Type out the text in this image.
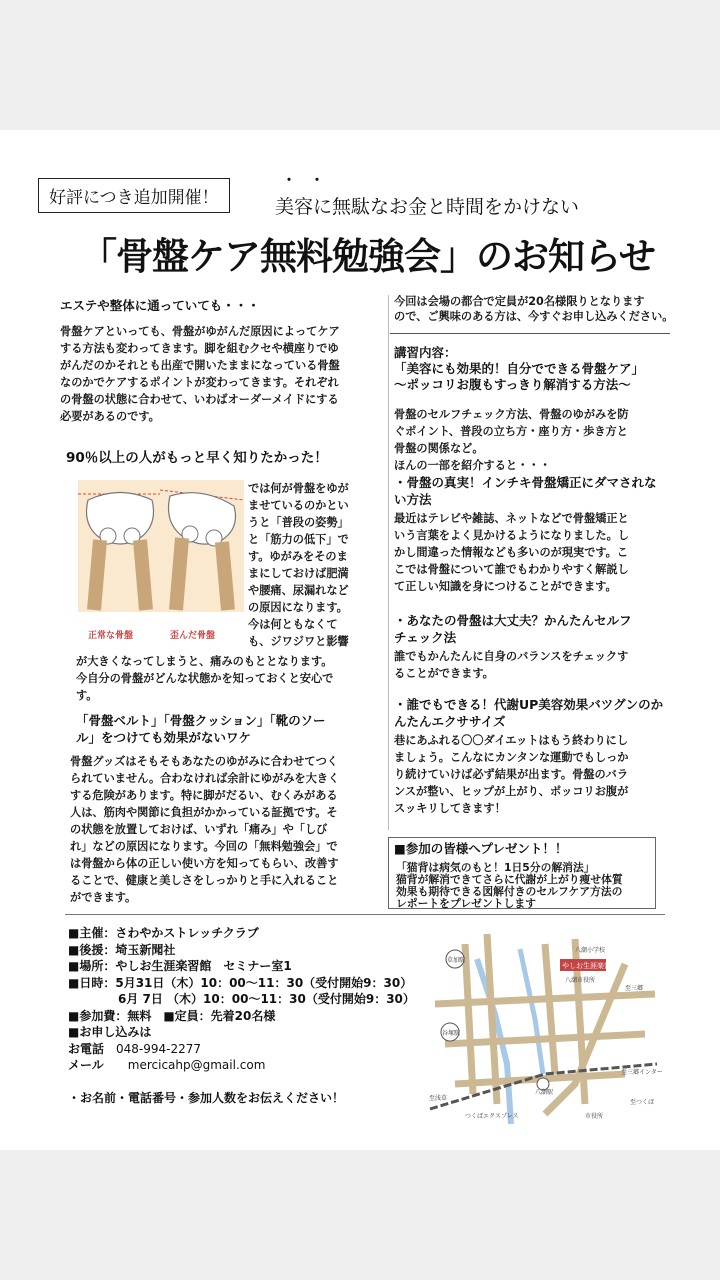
好評につき追加開催！
・・
美容に無駄なお金と時間をかけない
「骨盤ケア無料勉強会」のお知らせ
エステや整体に通っていても・・・
骨盤ケアといっても、骨盤がゆがんだ原因によってケア
する方法も変わってきます。脚を組むクセや横座りでゆ
がんだのかそれとも出産で開いたままになっている骨盤
なのかでケアするポイントが変わってきます。それぞれ
の骨盤の状態に合わせて、いわばオーダーメイドにする
必要があるのです。
90％以上の人がもっと早く知りたかった！
正常な骨盤	歪んだ骨盤
では何が骨盤をゆが
ませているのかとい
うと「普段の姿勢」
と「筋力の低下」で
す。ゆがみをそのま
まにしておけば肥満
や腰痛、尿漏れなど
の原因になります。
今は何ともなくて
も、ジワジワと影響
が大きくなってしまうと、痛みのもととなります。
今自分の骨盤がどんな状態かを知っておくと安心で
す。
「骨盤ベルト」「骨盤クッション」「靴のソー
ル」をつけても効果がないワケ
骨盤グッズはそもそもあなたのゆがみに合わせてつく
られていません。合わなければ余計にゆがみを大きく
する危険があります。特に脚がだるい、むくみがある
人は、筋肉や関節に負担がかかっている証拠です。そ
の状態を放置しておけば、いずれ「痛み」や「しび
れ」などの原因になります。今回の「無料勉強会」で
は骨盤から体の正しい使い方を知ってもらい、改善す
ることで、健康と美しさをしっかりと手に入れること
ができます。
今回は会場の都合で定員が20名様限りとなります
ので、ご興味のある方は、今すぐお申し込みください。
講習内容：
「美容にも効果的！自分でできる骨盤ケア」
〜ポッコリお腹もすっきり解消する方法〜
骨盤のセルフチェック方法、骨盤のゆがみを防
ぐポイント、普段の立ち方・座り方・歩き方と
骨盤の関係など。
ほんの一部を紹介すると・・・
・骨盤の真実！インチキ骨盤矯正にダマされな
い方法
最近はテレビや雑誌、ネットなどで骨盤矯正と
いう言葉をよく見かけるようになりました。し
かし間違った情報なども多いのが現実です。こ
こでは骨盤について誰でもわかりやすく解説し
て正しい知識を身につけることができます。
・あなたの骨盤は大丈夫？かんたんセルフ
チェック法
誰でもかんたんに自身のバランスをチェックす
ることができます。
・誰でもできる！代謝UP美容効果バツグンのか
んたんエクササイズ
巷にあふれる〇〇ダイエットはもう終わりにし
ましょう。こんなにカンタンな運動でもしっか
り続けていけば必ず結果が出ます。骨盤のバラ
ンスが整い、ヒップが上がり、ポッコリお腹が
スッキリしてきます！
■参加の皆様へプレゼント！！
「猫背は病気のもと！1日5分の解消法」
猫背が解消できてさらに代謝が上がり痩せ体質
効果も期待できる図解付きのセルフケア方法の
レポートをプレゼントします
■主催：さわやかストレッチクラブ
■後援：埼玉新聞社
■場所：やしお生涯楽習館　セミナー室1
■日時：5月31日（木）10：00〜11：30（受付開始9：30）
6月 7日 （木）10：00〜11：30（受付開始9：30）
■参加費：無料　■定員：先着20名様
■お申し込みは
お電話　 048-994-2277
メール　　 mercicahp@gmail.com
・お名前・電話番号・参加人数をお伝えください！
やしお生涯楽習館
草加駅
八潮小学校
八潮市役所
谷塚駅
八潮駅
至三郷
至三郷インター
至つくば
つくばエクスプレス
至浅草
市役所
